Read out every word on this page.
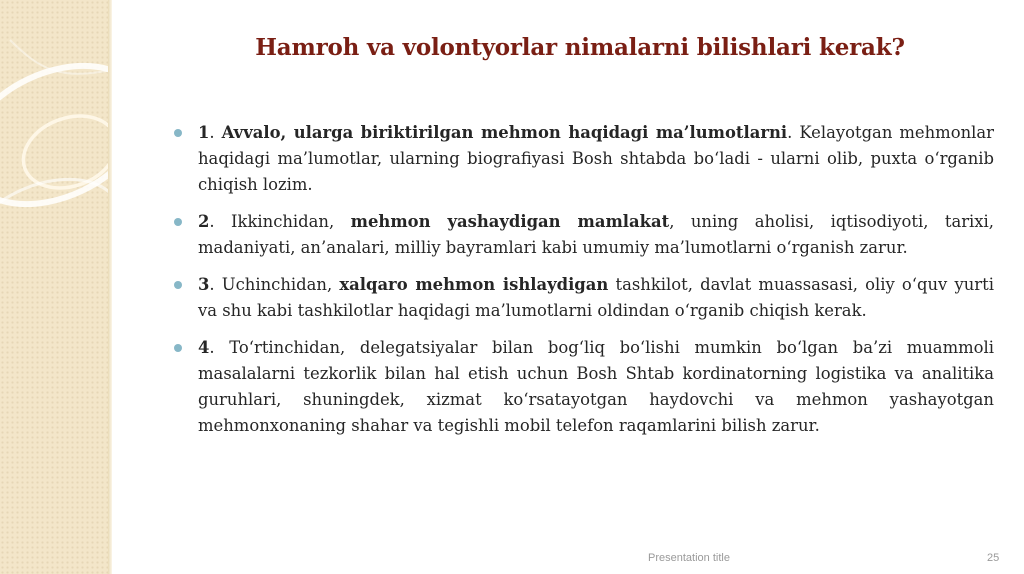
Hamroh va volontyorlar nimalarni bilishlari kerak?
1. Avvalo, ularga biriktirilgan mehmon haqidagi ma’lumotlarni. Kelayotgan mehmonlar haqidagi ma’lumotlar, ularning biografiyasi Bosh shtabda bo‘ladi - ularni olib, puxta o‘rganib chiqish lozim.
2. Ikkinchidan, mehmon yashaydigan mamlakat, uning aholisi, iqtisodiyoti, tarixi, madaniyati, an’analari, milliy bayramlari kabi umumiy ma’lumotlarni o‘rganish zarur.
3. Uchinchidan, xalqaro mehmon ishlaydigan tashkilot, davlat muassasasi, oliy o‘quv yurti va shu kabi tashkilotlar haqidagi ma’lumotlarni oldindan o‘rganib chiqish kerak.
4. To‘rtinchidan, delegatsiyalar bilan bog‘liq bo‘lishi mumkin bo‘lgan ba’zi muammoli masalalarni tezkorlik bilan hal etish uchun Bosh Shtab kordinatorning logistika va analitika guruhlari, shuningdek, xizmat ko‘rsatayotgan haydovchi va mehmon yashayotgan mehmonxonaning shahar va tegishli mobil telefon raqamlarini bilish zarur.
Presentation title	25
